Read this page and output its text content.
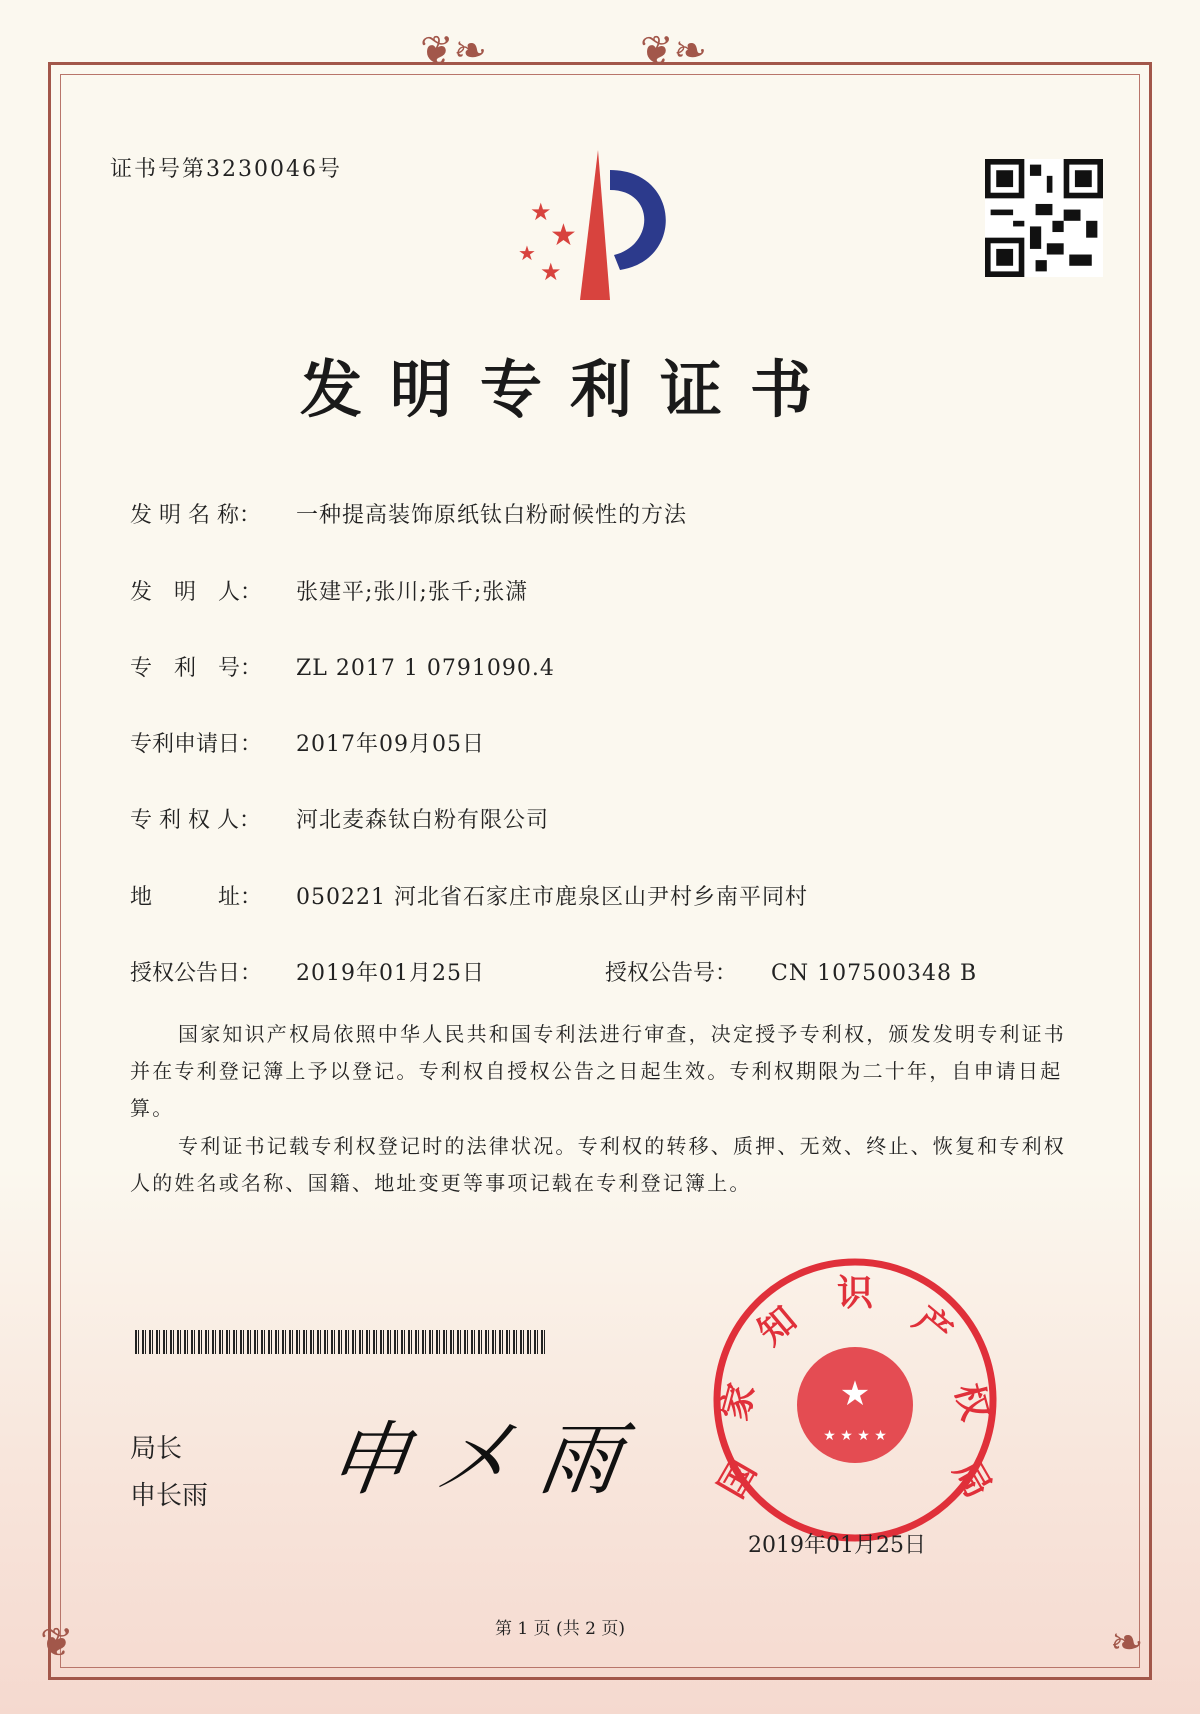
❦❧	❦❧
❦	❧
证书号第3230046号
★
★
★
★
发明专利证书
发 明 名 称： 一种提高装饰原纸钛白粉耐候性的方法
发　明　人： 张建平;张川;张千;张潇
专　利　号： ZL 2017 1 0791090.4
专利申请日： 2017年09月05日
专 利 权 人： 河北麦森钛白粉有限公司
地　　　址： 050221 河北省石家庄市鹿泉区山尹村乡南平同村
授权公告日： 2019年01月25日	授权公告号： CN 107500348 B
国家知识产权局依照中华人民共和国专利法进行审查，决定授予专利权，颁发发明专利证书并在专利登记簿上予以登记。专利权自授权公告之日起生效。专利权期限为二十年，自申请日起算。
专利证书记载专利权登记时的法律状况。专利权的转移、质押、无效、终止、恢复和专利权人的姓名或名称、国籍、地址变更等事项记载在专利登记簿上。
局长
申长雨 申 㐅 雨
★
★ ★ ★ ★
国
家
知
识
产
权
局
2019年01月25日
第 1 页 (共 2 页)
